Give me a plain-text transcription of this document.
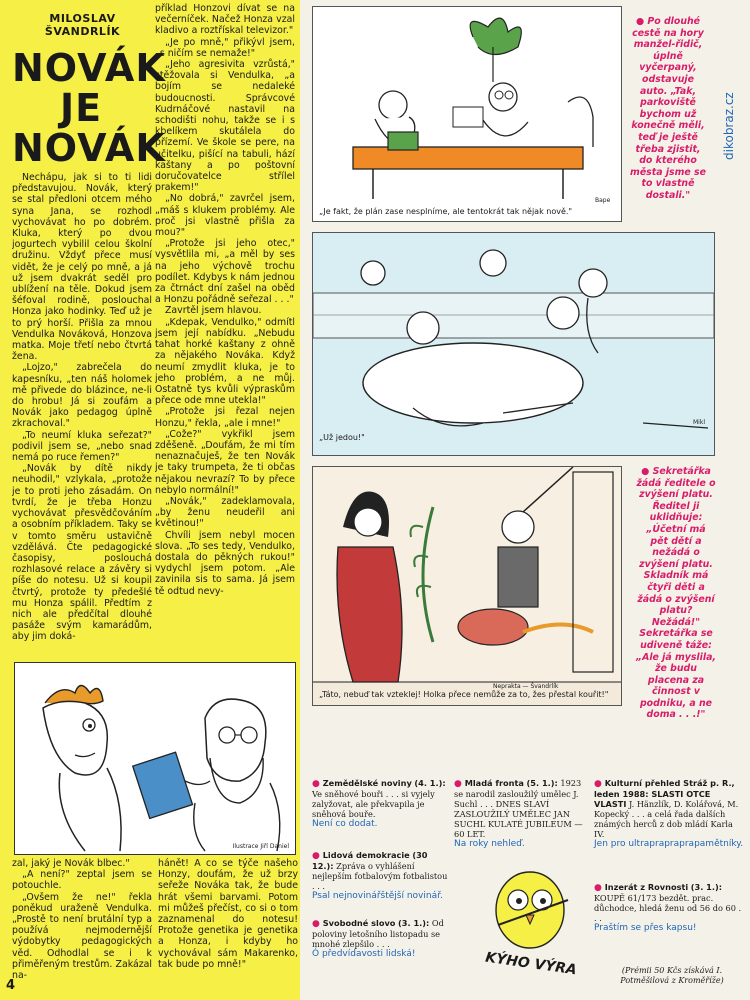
MILOSLAV ŠVANDRLÍK
NOVÁK
JE
NOVÁK

Nechápu, jak si to ti lidi představujou. Novák, který se stal předloni otcem mého syna Jana, se rozhodl vychovávat ho po dobrém. Kluka, který po dvou jogurtech vybilil celou školní družinu. Vždyť přece musí vidět, že je celý po mně, a já už jsem dvakrát seděl pro ublížení na těle. Dokud jsem šéfoval rodině, poslouchal Honza jako hodinky. Teď už je to prý horší. Přišla za mnou Vendulka Nováková, Honzova matka. Moje třetí nebo čtvrtá žena.

„Lojzo," zabrečela do kapesníku, „ten náš holomek mě přivede do blázince, ne-li do hrobu! Já si zoufám a Novák jako pedagog úplně zkrachoval."

„To neumí kluka seřezat?" podivil jsem se, „nebo snad nemá po ruce řemen?"

„Novák by dítě nikdy neuhodil," vzlykala, „protože je to proti jeho zásadám. On tvrdí, že je třeba Honzu vychovávat přesvědčováním a osobním příkladem. Taky se v tomto směru ustavičně vzdělává. Čte pedagogické časopisy, poslouchá rozhlasové relace a závěry si píše do notesu. Už si koupil čtvrtý, protože ty předešlé mu Honza spálil. Předtím z nich ale předčítal dlouhé pasáže svým kamarádům, aby jim doká-

příklad Honzovi dívat se na večerníček. Načež Honza vzal kladivo a roztřískal televizor."

„Je po mně," přikývl jsem, „s ničím se nemaže!"

„Jeho agresivita vzrůstá," stěžovala si Vendulka, „a bojím se nedaleké budoucnosti. Správcové Kudrnáčové nastavil na schodišti nohu, takže se i s kbelíkem skutálela do přízemí. Ve škole se pere, na učitelku, pišící na tabuli, hází kaštany a po poštovní doručovatelce střílel prakem!"

„No dobrá," zavrčel jsem, „máš s klukem problémy. Ale proč jsi vlastně přišla za mou?"

„Protože jsi jeho otec," vysvětlila mi, „a měl by ses na jeho výchově trochu podílet. Kdybys k nám jednou za čtrnáct dní zašel na oběd a Honzu pořádně seřezal . . ."

Zavrtěl jsem hlavou.

„Kdepak, Vendulko," odmítl jsem její nabídku. „Nebudu tahat horké kaštany z ohně za nějakého Nováka. Když neumí zmydlit kluka, je to jeho problém, a ne můj. Ostatně tys kvůli výpraskům přece ode mne utekla!"

„Protože jsi řezal nejen Honzu," řekla, „ale i mne!"

„Cože?" vykřikl jsem zděšeně. „Doufám, že mi tím nenaznačuješ, že ten Novák je taky trumpeta, že ti občas nějakou nevrazí? To by přece nebylo normální!"

„Novák," zadeklamovala, „by ženu neudeřil ani květinou!"

Chvíli jsem nebyl mocen slova. „To ses tedy, Vendulko, dostala do pěkných rukou!" vydychl jsem potom. „Ale zavinila sis to sama. Já jsem tě odtud nevy-

Ilustrace Jiří Daniel

zal, jaký je Novák blbec."

„A není?" zeptal jsem se potouchle.

„Ovšem že ne!" řekla poněkud uraženě Vendulka. „Prostě to není brutální typ a používá nejmodernější výdobytky pedagogických věd. Odhodlal se i k přiměřeným trestům. Zakázal na-

hánět! A co se týče našeho Honzy, doufám, že už brzy seřeže Nováka tak, že bude hrát všemi barvami. Potom mi můžeš přečíst, co si o tom zaznamenal do notesu! Protože genetika je genetika a Honza, i kdyby ho vychovával sám Makarenko, tak bude po mně!"

4
„Je fakt, že plán zase nesplníme, ale tentokrát tak nějak nově."
Bape
● Po dlouhé cestě na hory manžel-řidič, úplně vyčerpaný, odstavuje auto. „Tak, parkoviště bychom už konečně měli, teď je ještě třeba zjistit, do kterého města jsme se to vlastně dostali."
dikobraz.cz
„Už jedou!"
Mikl
Neprakta — Švandrlík
„Táto, nebuď tak vzteklej! Holka přece nemůže za to, žes přestal kouřit!"
● Sekretářka žádá ředitele o zvýšení platu. Ředitel ji uklidňuje: „Účetní má pět dětí a nežádá o zvýšení platu. Skladník má čtyři děti a žádá o zvýšení platu? Nežádá!" Sekretářka se udiveně táže: „Ale já myslila, že budu placena za činnost v podniku, a ne doma . . .!"
● Zemědělské noviny (4. 1.): Ve sněhové bouři . . . si vyjely zalyžovat, ale překvapila je sněhová bouře.
Není co dodat.
● Lidová demokracie (30 12.): Zpráva o vyhlášení nejlepším fotbalovým fotbalistou . . .
Psal nejnovinářštější novinář.
● Svobodné slovo (3. 1.): Od poloviny letošního listopadu se mnohé zlepšilo . . .
Ó předvídavosti lidská!
● Mladá fronta (5. 1.): 1923 se narodil zasloužilý umělec J. Suchl . . . DNES SLAVÍ ZASLOUŽILÝ UMĚLEC JAN SUCHL KULATÉ JUBILEUM — 60 LET.
Na roky nehleď.
● Kulturní přehled Stráž p. R., leden 1988: SLASTI OTCE VLASTI J. Hänzlík, D. Kolářová, M. Kopecký . . . a celá řada dalších známých herců z dob mládí Karla IV.
Jen pro ultraprapraprapamětníky.
● Inzerát z Rovnosti (3. 1.): KOUPĚ 61/173 bezdět. prac. důchodce, hledá ženu od 56 do 60 . . .
Praštím se přes kapsu!
KÝHO VÝRA	(Prémii 50 Kčs získává I. Potměšilová z Kroměříže)
